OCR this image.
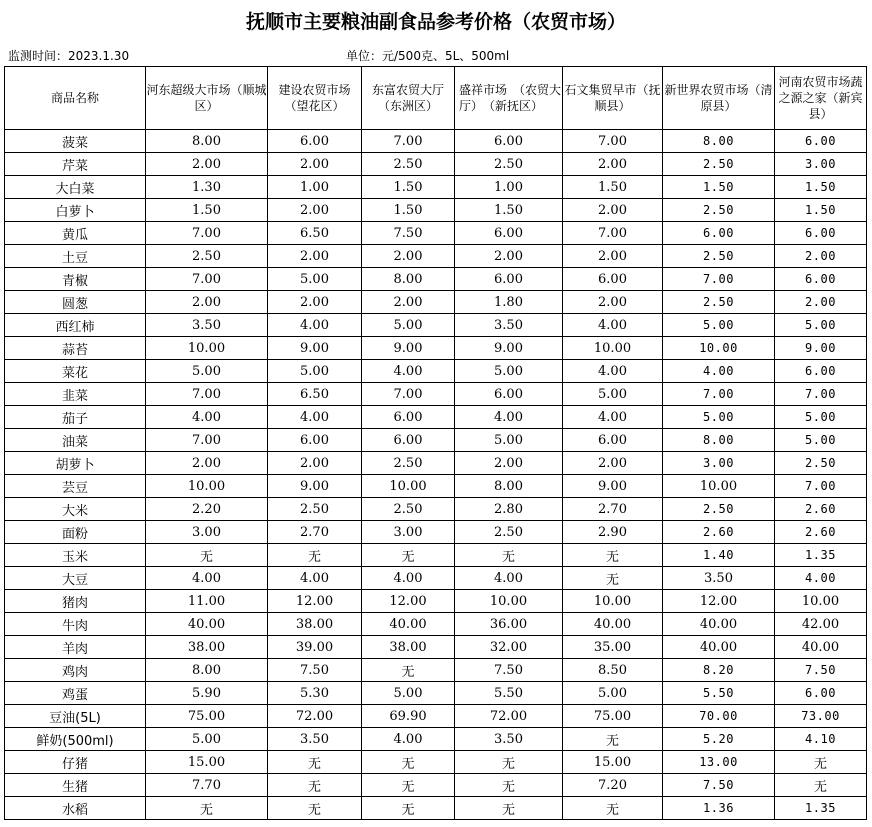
抚顺市主要粮油副食品参考价格（农贸市场）
监测时间：2023.1.30	单位：元/500克、5L、500ml
商品名称	河东超级大市场（顺城区）	建设农贸市场（望花区）	东富农贸大厅（东洲区）	盛祥市场　（农贸大厅）　（新抚区）	石文集贸早市（抚顺县）	新世界农贸市场（清原县）	河南农贸市场蔬之源之家（新宾县）
菠菜	8.00	6.00	7.00	6.00	7.00	8.00	6.00
芹菜	2.00	2.00	2.50	2.50	2.00	2.50	3.00
大白菜	1.30	1.00	1.50	1.00	1.50	1.50	1.50
白萝卜	1.50	2.00	1.50	1.50	2.00	2.50	1.50
黄瓜	7.00	6.50	7.50	6.00	7.00	6.00	6.00
土豆	2.50	2.00	2.00	2.00	2.00	2.50	2.00
青椒	7.00	5.00	8.00	6.00	6.00	7.00	6.00
圆葱	2.00	2.00	2.00	1.80	2.00	2.50	2.00
西红柿	3.50	4.00	5.00	3.50	4.00	5.00	5.00
蒜苔	10.00	9.00	9.00	9.00	10.00	10.00	9.00
菜花	5.00	5.00	4.00	5.00	4.00	4.00	6.00
韭菜	7.00	6.50	7.00	6.00	5.00	7.00	7.00
茄子	4.00	4.00	6.00	4.00	4.00	5.00	5.00
油菜	7.00	6.00	6.00	5.00	6.00	8.00	5.00
胡萝卜	2.00	2.00	2.50	2.00	2.00	3.00	2.50
芸豆	10.00	9.00	10.00	8.00	9.00	10.00	7.00
大米	2.20	2.50	2.50	2.80	2.70	2.50	2.60
面粉	3.00	2.70	3.00	2.50	2.90	2.60	2.60
玉米	无	无	无	无	无	1.40	1.35
大豆	4.00	4.00	4.00	4.00	无	3.50	4.00
猪肉	11.00	12.00	12.00	10.00	10.00	12.00	10.00
牛肉	40.00	38.00	40.00	36.00	40.00	40.00	42.00
羊肉	38.00	39.00	38.00	32.00	35.00	40.00	40.00
鸡肉	8.00	7.50	无	7.50	8.50	8.20	7.50
鸡蛋	5.90	5.30	5.00	5.50	5.00	5.50	6.00
豆油(5L)	75.00	72.00	69.90	72.00	75.00	70.00	73.00
鲜奶(500ml)	5.00	3.50	4.00	3.50	无	5.20	4.10
仔猪	15.00	无	无	无	15.00	13.00	无
生猪	7.70	无	无	无	7.20	7.50	无
水稻	无	无	无	无	无	1.36	1.35
